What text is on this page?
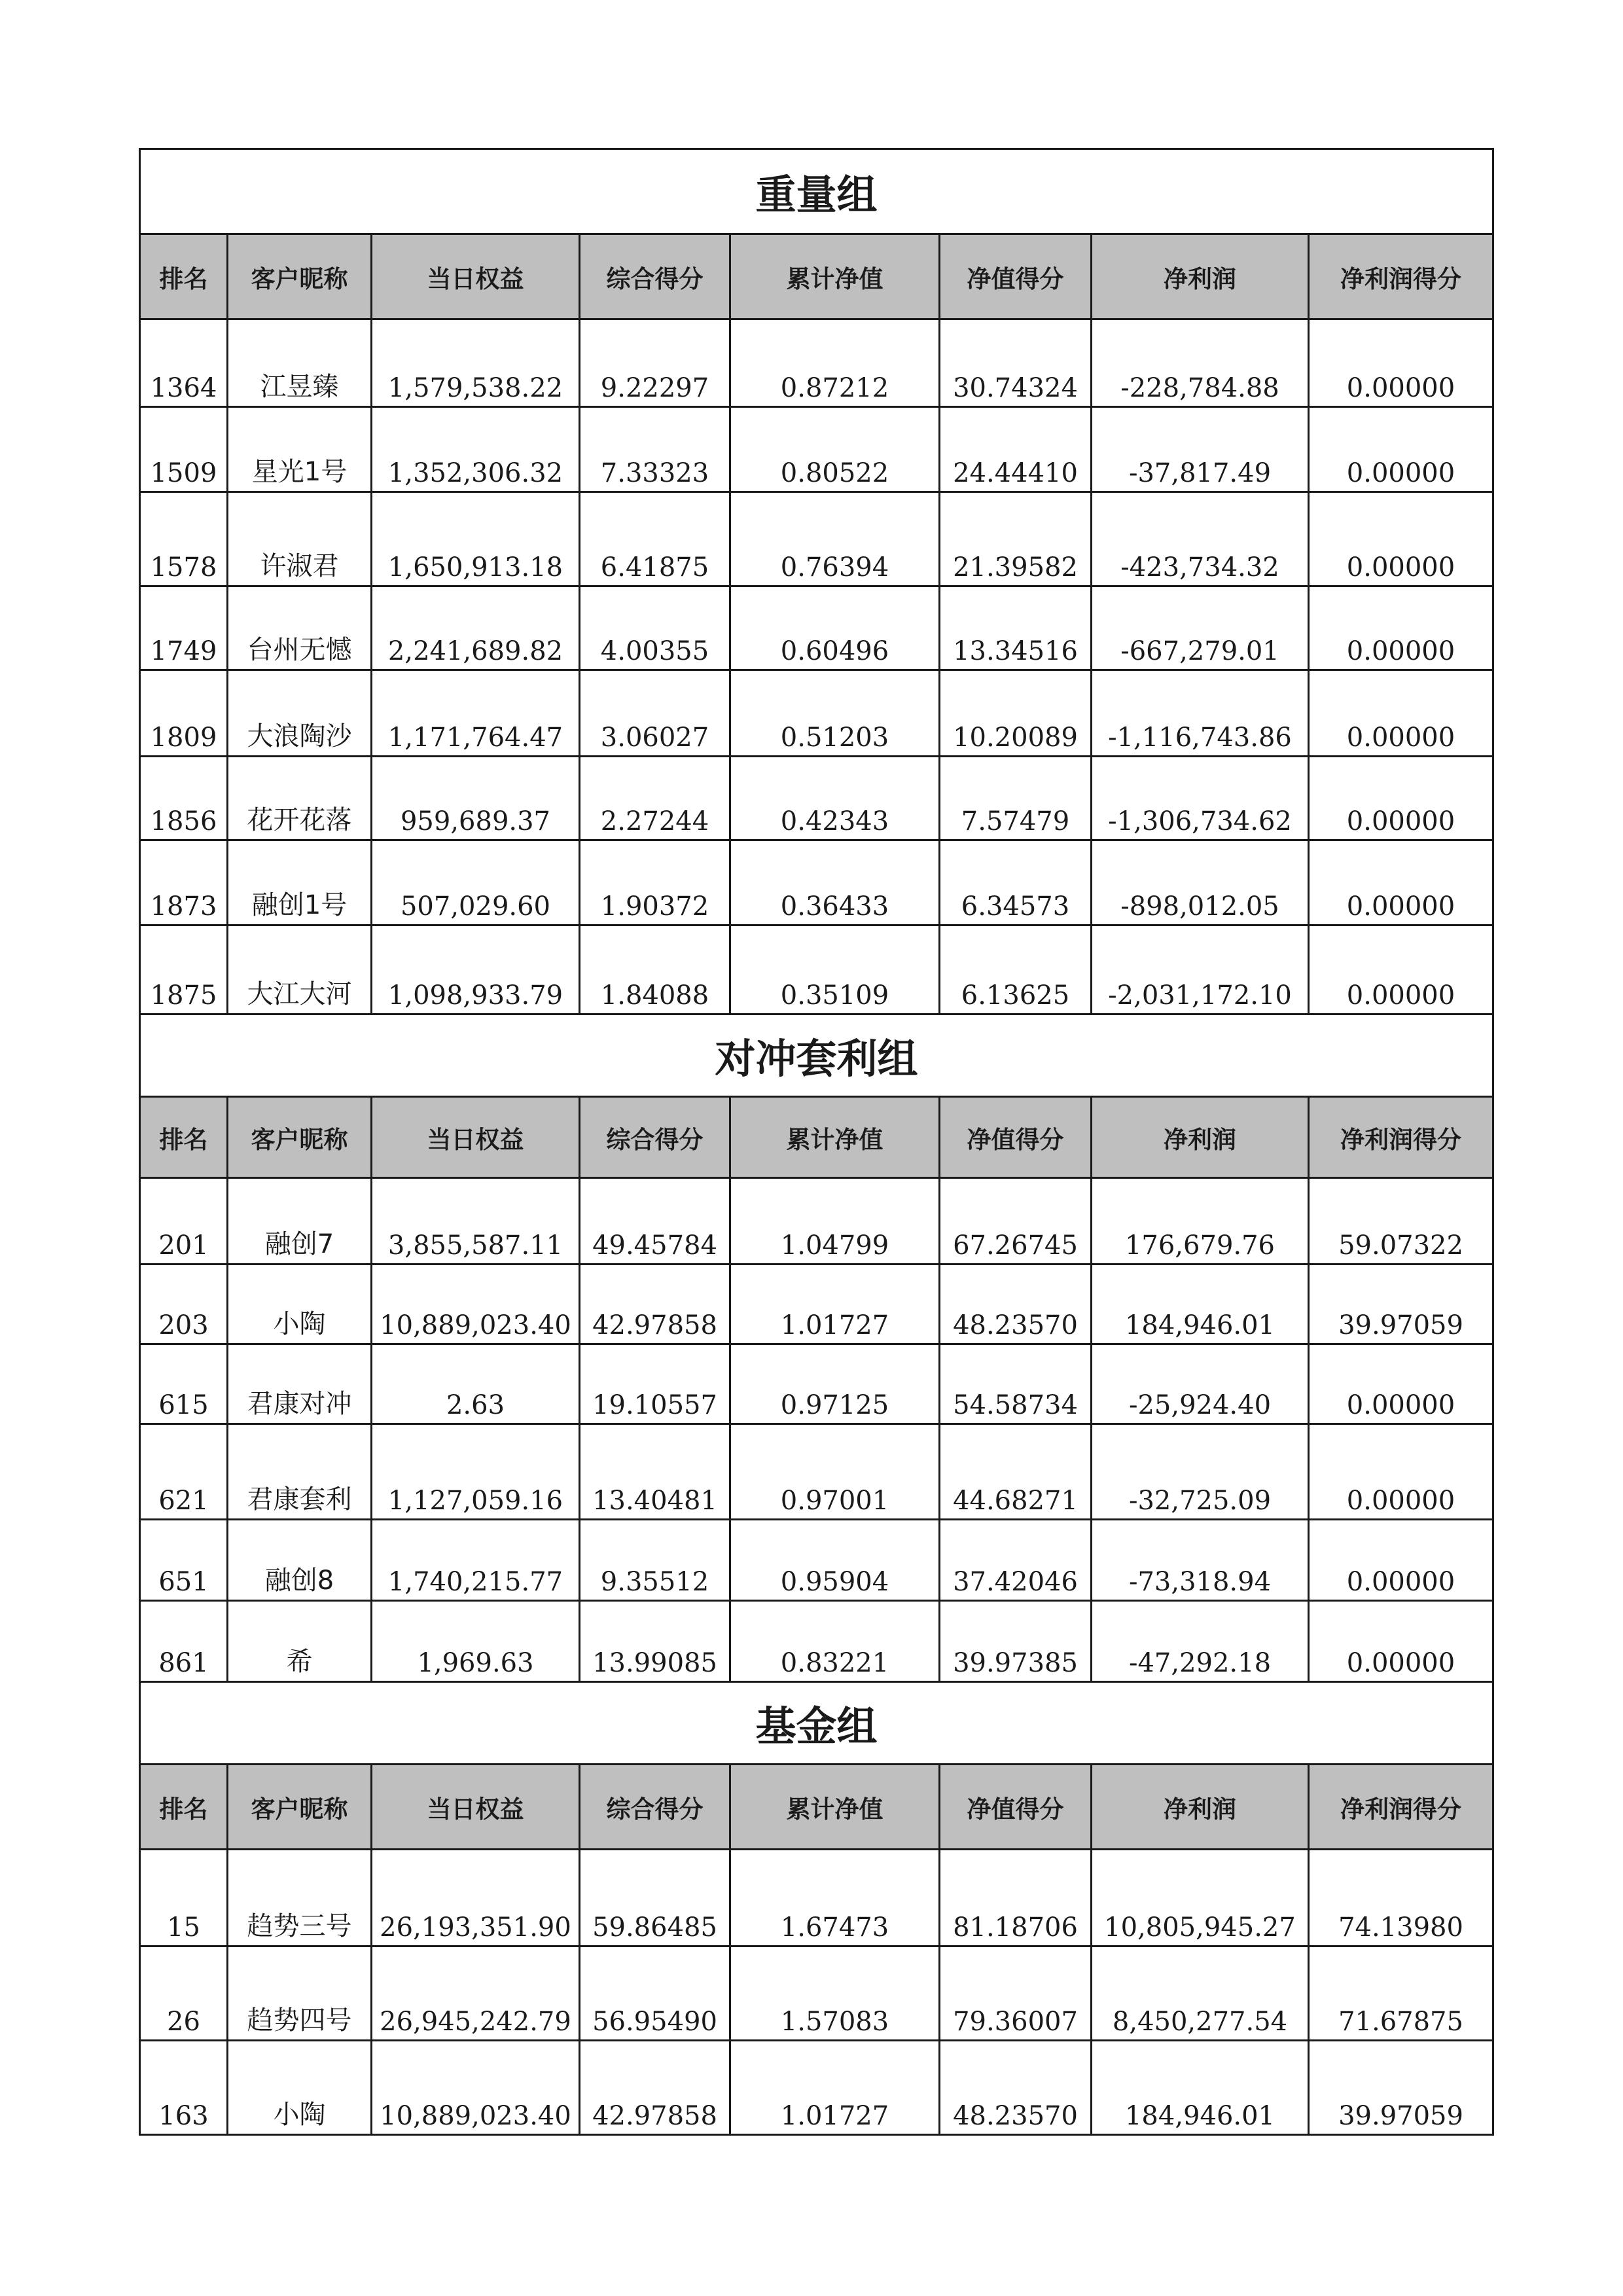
重量组							
排名	客户昵称	当日权益	综合得分	累计净值	净值得分	净利润	净利润得分
1364	江昱臻	1,579,538.22	9.22297	0.87212	30.74324	-228,784.88	0.00000
1509	星光1号	1,352,306.32	7.33323	0.80522	24.44410	-37,817.49	0.00000
1578	许淑君	1,650,913.18	6.41875	0.76394	21.39582	-423,734.32	0.00000
1749	台州无憾	2,241,689.82	4.00355	0.60496	13.34516	-667,279.01	0.00000
1809	大浪陶沙	1,171,764.47	3.06027	0.51203	10.20089	-1,116,743.86	0.00000
1856	花开花落	959,689.37	2.27244	0.42343	7.57479	-1,306,734.62	0.00000
1873	融创1号	507,029.60	1.90372	0.36433	6.34573	-898,012.05	0.00000
1875	大江大河	1,098,933.79	1.84088	0.35109	6.13625	-2,031,172.10	0.00000
对冲套利组							
排名	客户昵称	当日权益	综合得分	累计净值	净值得分	净利润	净利润得分
201	融创7	3,855,587.11	49.45784	1.04799	67.26745	176,679.76	59.07322
203	小陶	10,889,023.40	42.97858	1.01727	48.23570	184,946.01	39.97059
615	君康对冲	2.63	19.10557	0.97125	54.58734	-25,924.40	0.00000
621	君康套利	1,127,059.16	13.40481	0.97001	44.68271	-32,725.09	0.00000
651	融创8	1,740,215.77	9.35512	0.95904	37.42046	-73,318.94	0.00000
861	希	1,969.63	13.99085	0.83221	39.97385	-47,292.18	0.00000
基金组							
排名	客户昵称	当日权益	综合得分	累计净值	净值得分	净利润	净利润得分
15	趋势三号	26,193,351.90	59.86485	1.67473	81.18706	10,805,945.27	74.13980
26	趋势四号	26,945,242.79	56.95490	1.57083	79.36007	8,450,277.54	71.67875
163	小陶	10,889,023.40	42.97858	1.01727	48.23570	184,946.01	39.97059
